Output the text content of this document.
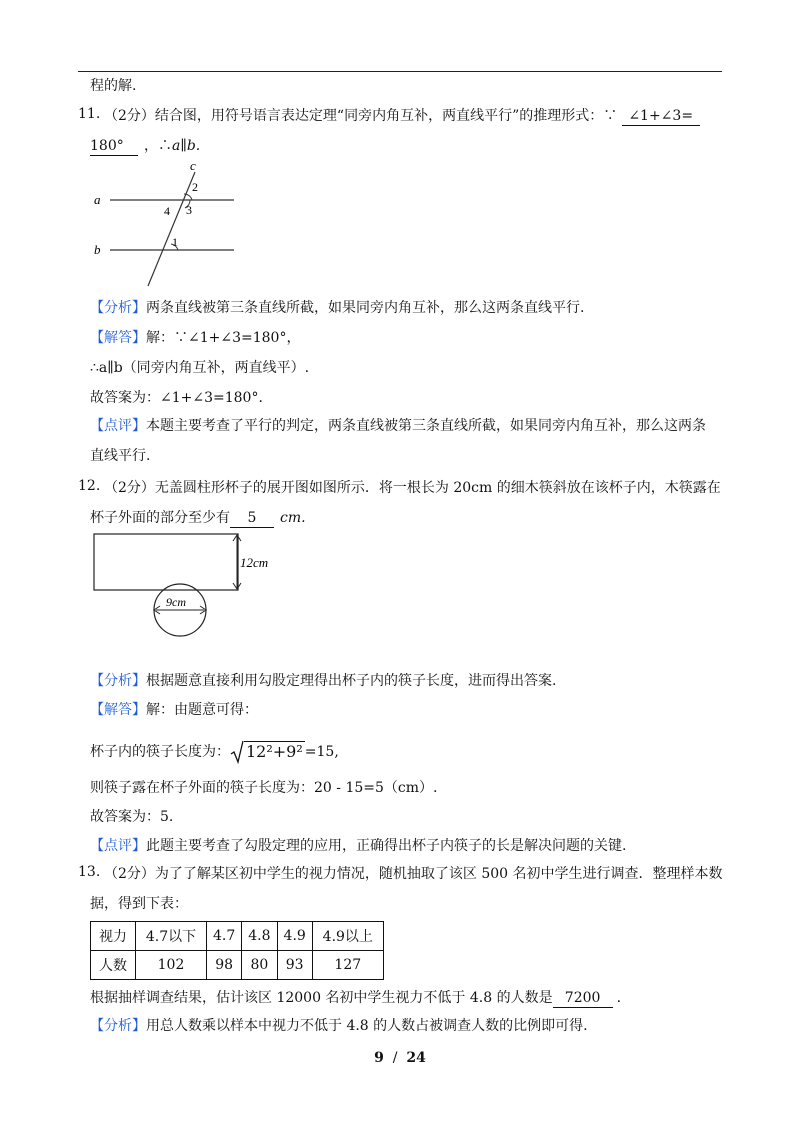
程的解.
11. （2分）结合图，用符号语言表达定理“同旁内角互补，两直线平行”的推理形式：∵ ∠1+∠3=
180° ，∴a∥b.
a
b
c
2
3
4
1
【分析】两条直线被第三条直线所截，如果同旁内角互补，那么这两条直线平行.
【解答】解：∵∠1+∠3=180°，
∴a∥b（同旁内角互补，两直线平）.
故答案为：∠1+∠3=180°．
【点评】本题主要考查了平行的判定，两条直线被第三条直线所截，如果同旁内角互补，那么这两条
直线平行.
12. （2分）无盖圆柱形杯子的展开图如图所示．将一根长为 20cm 的细木筷斜放在该杯子内，木筷露在
杯子外面的部分至少有 5 cm.
12cm
9cm
【分析】根据题意直接利用勾股定理得出杯子内的筷子长度，进而得出答案.
【解答】解：由题意可得：
杯子内的筷子长度为： 12²+9² =15,
则筷子露在杯子外面的筷子长度为：20 - 15=5（cm）.
故答案为：5.
【点评】此题主要考查了勾股定理的应用，正确得出杯子内筷子的长是解决问题的关键.
13. （2分）为了了解某区初中学生的视力情况，随机抽取了该区 500 名初中学生进行调查．整理样本数
据，得到下表：
视力	4.7以下	4.7	4.8	4.9	4.9以上
人数	102	98	80	93	127
根据抽样调查结果，估计该区 12000 名初中学生视力不低于 4.8 的人数是 7200 .
【分析】用总人数乘以样本中视力不低于 4.8 的人数占被调查人数的比例即可得.
9 / 24
